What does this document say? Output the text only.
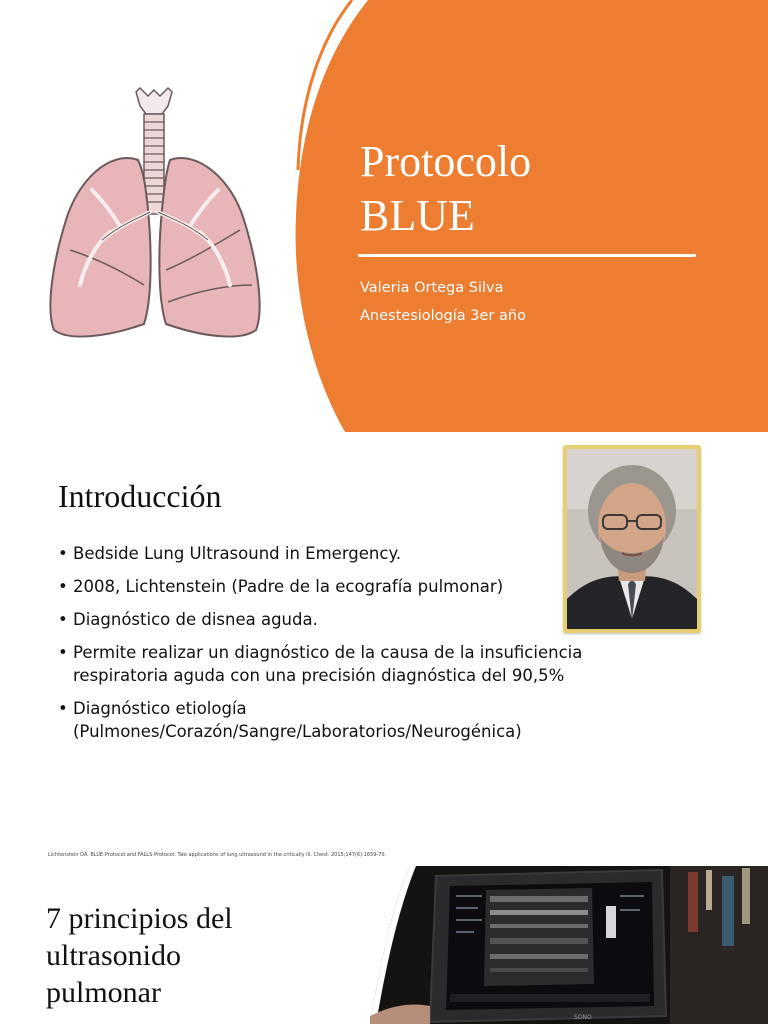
Protocolo
BLUE
Valeria Ortega Silva
Anestesiología 3er año
Introducción
• Bedside Lung Ultrasound in Emergency.
• 2008, Lichtenstein (Padre de la ecografía pulmonar)
• Diagnóstico de disnea aguda.
• Permite realizar un diagnóstico de la causa de la insuficiencia respiratoria aguda con una precisión diagnóstica del 90,5%
• Diagnóstico etiología (Pulmones/Corazón/Sangre/Laboratorios/Neurogénica)
Lichtenstein DA. BLUE-Protocol and FALLS-Protocol: Two applications of lung ultrasound in the critically ill. Chest. 2015;147(6):1659-70.
7 principios del
ultrasonido
pulmonar
SONO
